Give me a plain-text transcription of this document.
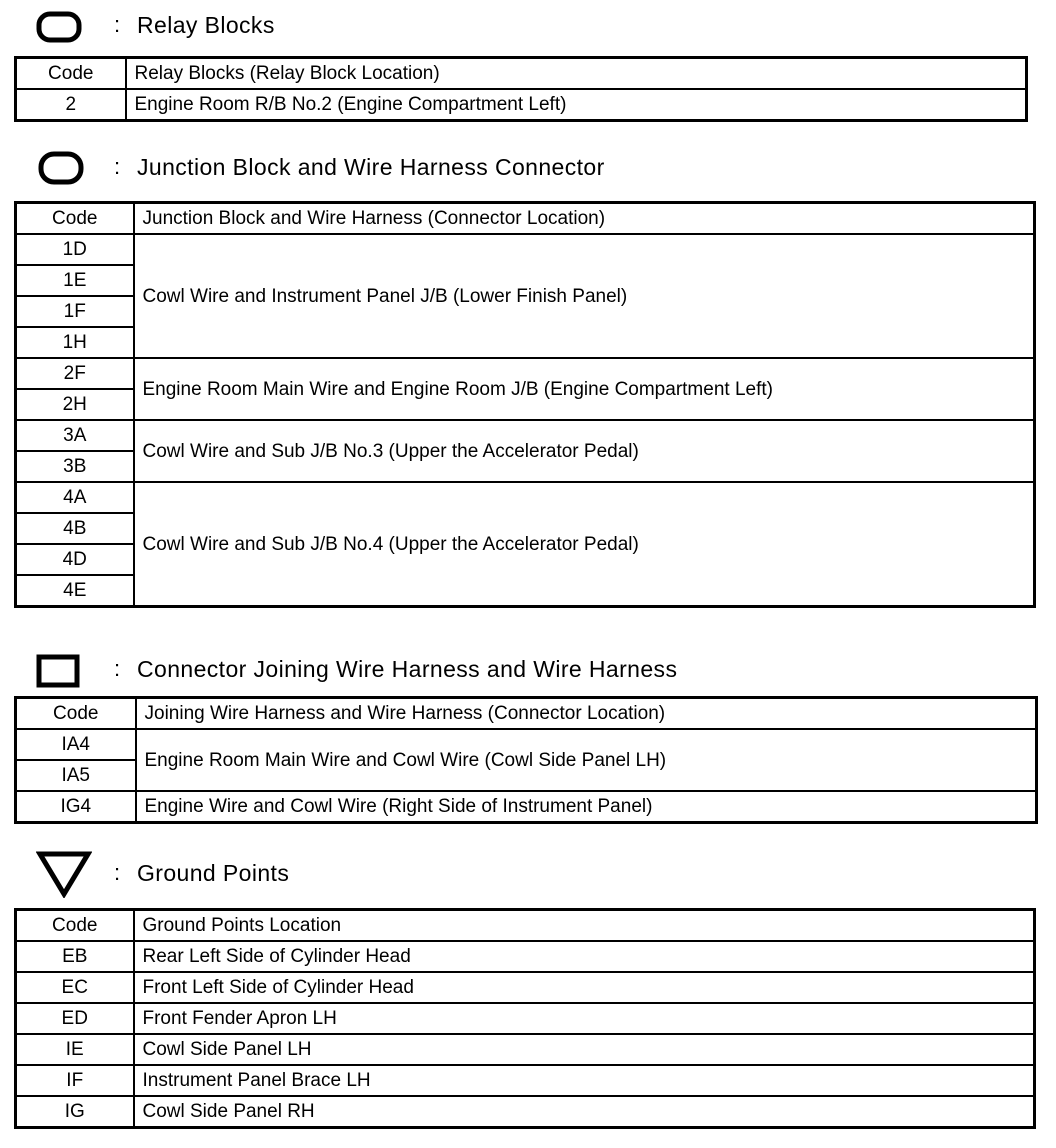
: Relay Blocks
Code	Relay Blocks (Relay Block Location)
2	Engine Room R/B No.2 (Engine Compartment Left)
: Junction Block and Wire Harness Connector
Code	Junction Block and Wire Harness (Connector Location)
1D	Cowl Wire and Instrument Panel J/B (Lower Finish Panel)
1E	
1F	
1H	
2F	Engine Room Main Wire and Engine Room J/B (Engine Compartment Left)
2H	
3A	Cowl Wire and Sub J/B No.3 (Upper the Accelerator Pedal)
3B	
4A	Cowl Wire and Sub J/B No.4 (Upper the Accelerator Pedal)
4B	
4D	
4E	
: Connector Joining Wire Harness and Wire Harness
Code	Joining Wire Harness and Wire Harness (Connector Location)
IA4	Engine Room Main Wire and Cowl Wire (Cowl Side Panel LH)
IA5	
IG4	Engine Wire and Cowl Wire (Right Side of Instrument Panel)
: Ground Points
Code	Ground Points Location
EB	Rear Left Side of Cylinder Head
EC	Front Left Side of Cylinder Head
ED	Front Fender Apron LH
IE	Cowl Side Panel LH
IF	Instrument Panel Brace LH
IG	Cowl Side Panel RH
